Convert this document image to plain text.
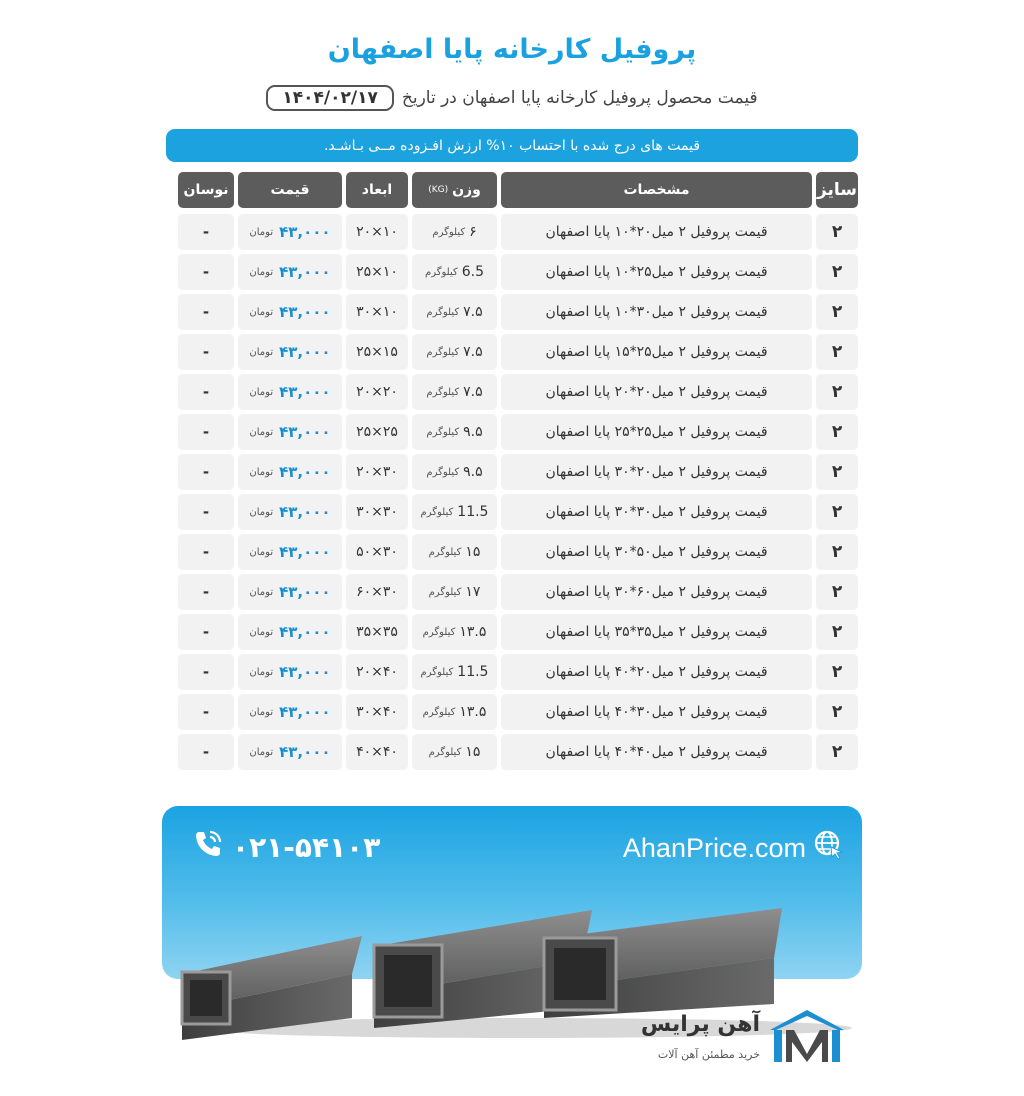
پروفیل کارخانه پایا اصفهان
قیمت محصول پروفیل کارخانه پایا اصفهان در تاریخ
۱۴۰۴/۰۲/۱۷
قیمت های درج شده با احتساب ۱۰% ارزش افـزوده مــی بـاشـد.
سایز
مشخصات
وزن
(KG)
ابعاد
قیمت
نوسان
۲
قیمت پروفیل ۲ میل۲۰*۱۰ پایا اصفهان
۶
کیلوگرم
۱۰×۲۰
۴۳,۰۰۰
تومان
-
۲
قیمت پروفیل ۲ میل۲۵*۱۰ پایا اصفهان
6.5
کیلوگرم
۱۰×۲۵
۴۳,۰۰۰
تومان
-
۲
قیمت پروفیل ۲ میل۳۰*۱۰ پایا اصفهان
۷.۵
کیلوگرم
۱۰×۳۰
۴۳,۰۰۰
تومان
-
۲
قیمت پروفیل ۲ میل۲۵*۱۵ پایا اصفهان
۷.۵
کیلوگرم
۱۵×۲۵
۴۳,۰۰۰
تومان
-
۲
قیمت پروفیل ۲ میل۲۰*۲۰ پایا اصفهان
۷.۵
کیلوگرم
۲۰×۲۰
۴۳,۰۰۰
تومان
-
۲
قیمت پروفیل ۲ میل۲۵*۲۵ پایا اصفهان
۹.۵
کیلوگرم
۲۵×۲۵
۴۳,۰۰۰
تومان
-
۲
قیمت پروفیل ۲ میل۲۰*۳۰ پایا اصفهان
۹.۵
کیلوگرم
۳۰×۲۰
۴۳,۰۰۰
تومان
-
۲
قیمت پروفیل ۲ میل۳۰*۳۰ پایا اصفهان
11.5
کیلوگرم
۳۰×۳۰
۴۳,۰۰۰
تومان
-
۲
قیمت پروفیل ۲ میل۵۰*۳۰ پایا اصفهان
۱۵
کیلوگرم
۳۰×۵۰
۴۳,۰۰۰
تومان
-
۲
قیمت پروفیل ۲ میل۶۰*۳۰ پایا اصفهان
۱۷
کیلوگرم
۳۰×۶۰
۴۳,۰۰۰
تومان
-
۲
قیمت پروفیل ۲ میل۳۵*۳۵ پایا اصفهان
۱۳.۵
کیلوگرم
۳۵×۳۵
۴۳,۰۰۰
تومان
-
۲
قیمت پروفیل ۲ میل۲۰*۴۰ پایا اصفهان
11.5
کیلوگرم
۴۰×۲۰
۴۳,۰۰۰
تومان
-
۲
قیمت پروفیل ۲ میل۳۰*۴۰ پایا اصفهان
۱۳.۵
کیلوگرم
۴۰×۳۰
۴۳,۰۰۰
تومان
-
۲
قیمت پروفیل ۲ میل۴۰*۴۰ پایا اصفهان
۱۵
کیلوگرم
۴۰×۴۰
۴۳,۰۰۰
تومان
-
AhanPrice.com
۰۲۱-۵۴۱۰۳
آهن پرایس
خرید مطمئن آهن آلات
